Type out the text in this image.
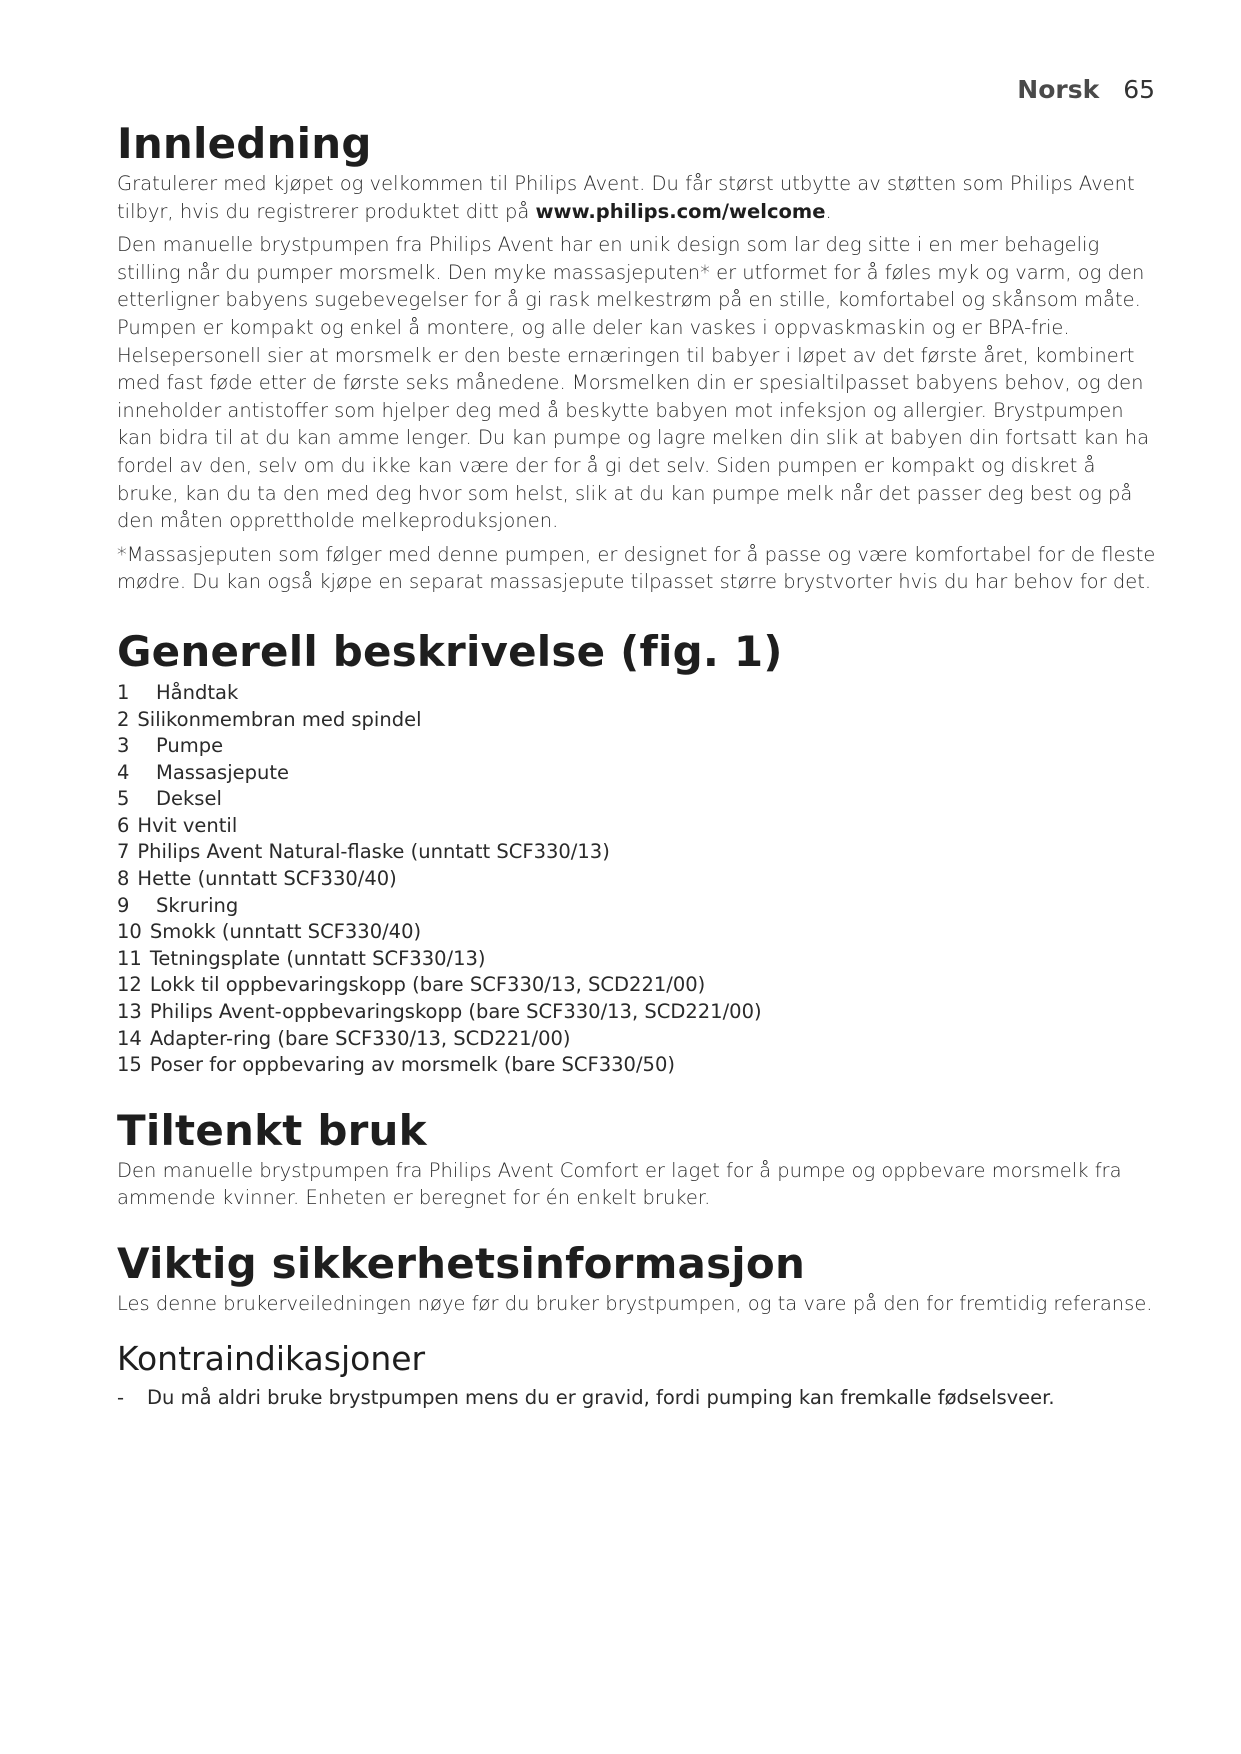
Norsk 65
Innledning

Gratulerer med kjøpet og velkommen til Philips Avent. Du får størst utbytte av støtten som Philips Avent tilbyr, hvis du registrerer produktet ditt på www.philips.com/welcome.

Den manuelle brystpumpen fra Philips Avent har en unik design som lar deg sitte i en mer behagelig stilling når du pumper morsmelk. Den myke massasjeputen* er utformet for å føles myk og varm, og den etterligner babyens sugebevegelser for å gi rask melkestrøm på en stille, komfortabel og skånsom måte. Pumpen er kompakt og enkel å montere, og alle deler kan vaskes i oppvaskmaskin og er BPA-frie. Helsepersonell sier at morsmelk er den beste ernæringen til babyer i løpet av det første året, kombinert med fast føde etter de første seks månedene. Morsmelken din er spesialtilpasset babyens behov, og den inneholder antistoffer som hjelper deg med å beskytte babyen mot infeksjon og allergier. Brystpumpen kan bidra til at du kan amme lenger. Du kan pumpe og lagre melken din slik at babyen din fortsatt kan ha fordel av den, selv om du ikke kan være der for å gi det selv. Siden pumpen er kompakt og diskret å bruke, kan du ta den med deg hvor som helst, slik at du kan pumpe melk når det passer deg best og på den måten opprettholde melkeproduksjonen.

*Massasjeputen som følger med denne pumpen, er designet for å passe og være komfortabel for de fleste mødre. Du kan også kjøpe en separat massasjepute tilpasset større brystvorter hvis du har behov for det.

Generell beskrivelse (fig. 1)
1 Håndtak
2 Silikonmembran med spindel
3 Pumpe
4 Massasjepute
5 Deksel
6 Hvit ventil
7 Philips Avent Natural-flaske (unntatt SCF330/13)
8 Hette (unntatt SCF330/40)
9 Skruring
10 Smokk (unntatt SCF330/40)
11 Tetningsplate (unntatt SCF330/13)
12 Lokk til oppbevaringskopp (bare SCF330/13, SCD221/00)
13 Philips Avent-oppbevaringskopp (bare SCF330/13, SCD221/00)
14 Adapter-ring (bare SCF330/13, SCD221/00)
15 Poser for oppbevaring av morsmelk (bare SCF330/50)
Tiltenkt bruk

Den manuelle brystpumpen fra Philips Avent Comfort er laget for å pumpe og oppbevare morsmelk fra ammende kvinner. Enheten er beregnet for én enkelt bruker.

Viktig sikkerhetsinformasjon

Les denne brukerveiledningen nøye før du bruker brystpumpen, og ta vare på den for fremtidig referanse.

Kontraindikasjoner
- Du må aldri bruke brystpumpen mens du er gravid, fordi pumping kan fremkalle fødselsveer.
